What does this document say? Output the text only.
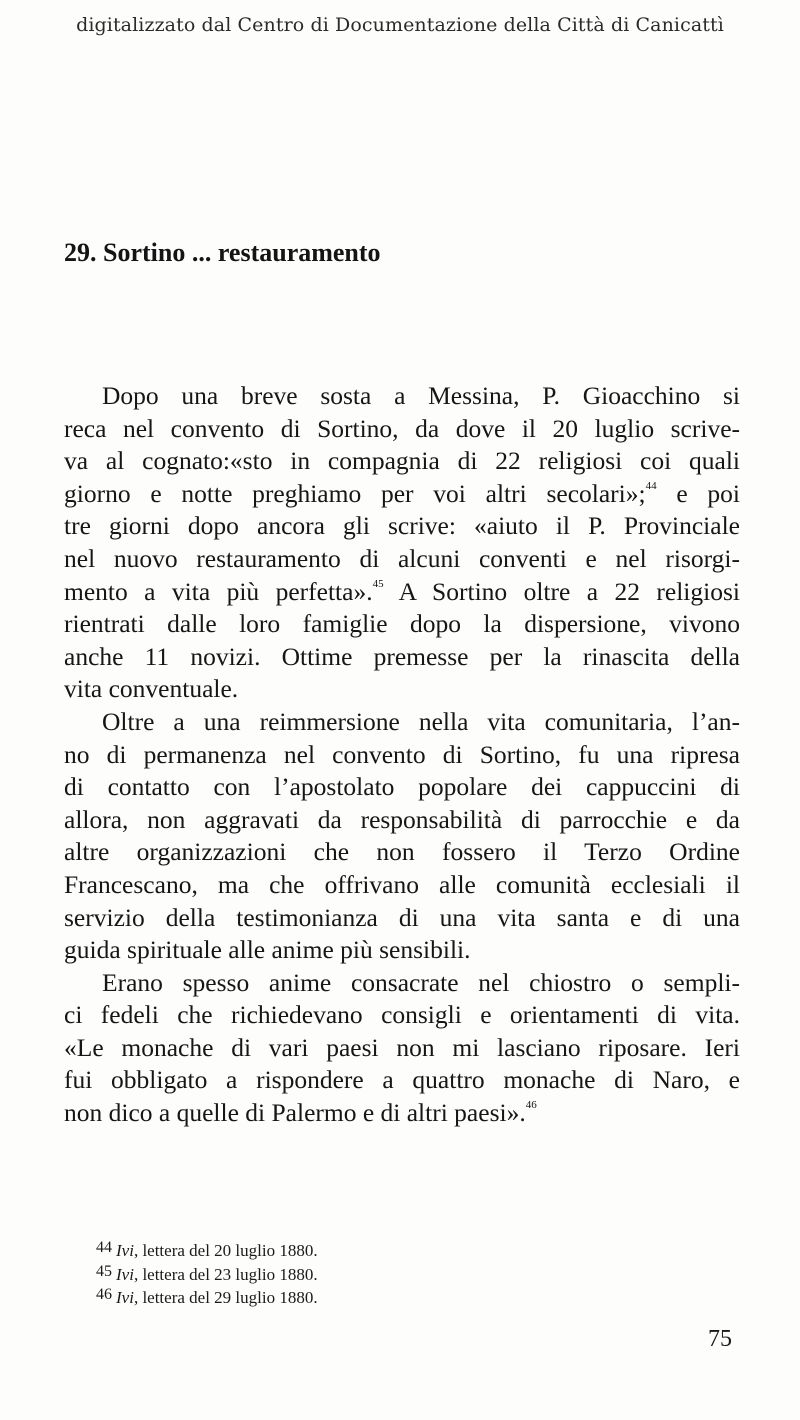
digitalizzato dal Centro di Documentazione della Città di Canicattì
29. Sortino ... restauramento
Dopo una breve sosta a Messina, P. Gioacchino si
reca nel convento di Sortino, da dove il 20 luglio scrive-
va al cognato:«sto in compagnia di 22 religiosi coi quali
giorno e notte preghiamo per voi altri secolari»;$^{44}$ e poi
tre giorni dopo ancora gli scrive: «aiuto il P. Provinciale
nel nuovo restauramento di alcuni conventi e nel risorgi-
mento a vita più perfetta».$^{45}$ A Sortino oltre a 22 religiosi
rientrati dalle loro famiglie dopo la dispersione, vivono
anche 11 novizi. Ottime premesse per la rinascita della
vita conventuale.
Oltre a una reimmersione nella vita comunitaria, l’an-
no di permanenza nel convento di Sortino, fu una ripresa
di contatto con l’apostolato popolare dei cappuccini di
allora, non aggravati da responsabilità di parrocchie e da
altre organizzazioni che non fossero il Terzo Ordine
Francescano, ma che offrivano alle comunità ecclesiali il
servizio della testimonianza di una vita santa e di una
guida spirituale alle anime più sensibili.
Erano spesso anime consacrate nel chiostro o sempli-
ci fedeli che richiedevano consigli e orientamenti di vita.
«Le monache di vari paesi non mi lasciano riposare. Ieri
fui obbligato a rispondere a quattro monache di Naro, e
non dico a quelle di Palermo e di altri paesi».$^{46}$
44 Ivi, lettera del 20 luglio 1880.
45 Ivi, lettera del 23 luglio 1880.
46 Ivi, lettera del 29 luglio 1880.
75
